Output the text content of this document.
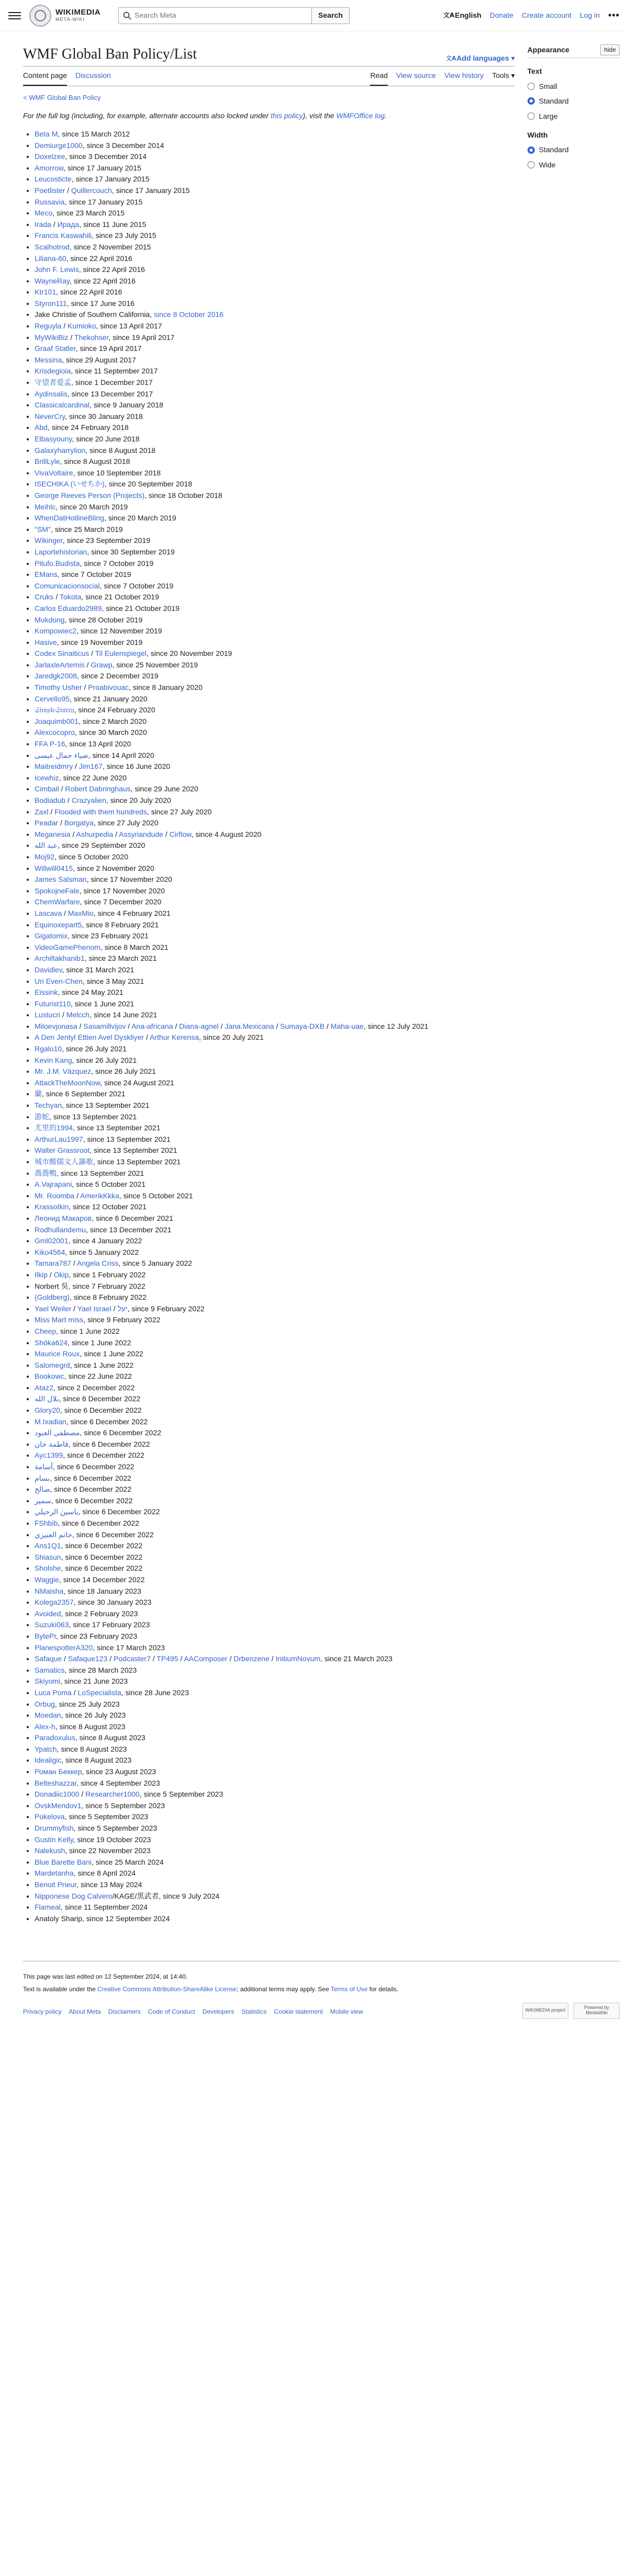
WIKIMEDIA
META-WIKI	Search Meta	Search	文A English Donate Create account Log in •••
WMF Global Ban Policy/List	文A Add languages ▾
Content page Discussion	Read View source View history Tools ▾
< WMF Global Ban Policy

For the full log (including, for example, alternate accounts also locked under this policy), visit the WMFOffice log.

• Beta M, since 15 March 2012
• Demiurge1000, since 3 December 2014
• Doxelzee, since 3 December 2014
• Amorrow, since 17 January 2015
• Leucosticte, since 17 January 2015
• Poetlister / Quillercouch, since 17 January 2015
• Russavia, since 17 January 2015
• Meco, since 23 March 2015
• Irada / Ирада, since 11 June 2015
• Francis Kaswahili, since 23 July 2015
• Scalhotrod, since 2 November 2015
• Liliana-60, since 22 April 2016
• John F. Lewis, since 22 April 2016
• WayneRay, since 22 April 2016
• Ktr101, since 22 April 2016
• Styron111, since 17 June 2016
• Jake Christie of Southern California, since 8 October 2016
• Reguyla / Kumioko, since 13 April 2017
• MyWikiBiz / Thekohser, since 19 April 2017
• Graaf Statler, since 19 April 2017
• Messina, since 29 August 2017
• Krisdegioia, since 11 September 2017
• 守望者爱孟, since 1 December 2017
• Aydinsalis, since 13 December 2017
• Classicalcardinal, since 9 January 2018
• NeverCry, since 30 January 2018
• Abd, since 24 February 2018
• Elbasyouny, since 20 June 2018
• Galaxyharrylion, since 8 August 2018
• BrillLyle, since 8 August 2018
• VivaVoltaire, since 10 September 2018
• ISECHIKA (いせちか), since 20 September 2018
• George Reeves Person (Projects), since 18 October 2018
• Meihlc, since 20 March 2019
• WhenDatHotlineBling, since 20 March 2019
• "SM", since 25 March 2019
• Wikinger, since 23 September 2019
• Laportehistorian, since 30 September 2019
• Pitufo.Budista, since 7 October 2019
• EMans, since 7 October 2019
• Comunicacionsocial, since 7 October 2019
• Cruks / Tokota, since 21 October 2019
• Carlos Eduardo2989, since 21 October 2019
• Mukdong, since 28 October 2019
• Kompowiec2, since 12 November 2019
• Hasive, since 19 November 2019
• Codex Sinaiticus / Til Eulenspiegel, since 20 November 2019
• JarlaxleArtemis / Grawp, since 25 November 2019
• Jaredgk2008, since 2 December 2019
• Timothy Usher / Proabivouac, since 8 January 2020
• Cervello95, since 21 January 2020
• 𝔖𝔦𝔪𝔭𝔩𝔢𝔖𝔱𝔞𝔯𝔯𝔶, since 24 February 2020
• Joaquimb001, since 2 March 2020
• Alexcocopro, since 30 March 2020
• FFA P-16, since 13 April 2020
• ضياء جمال عيسى, since 14 April 2020
• Maitreidmry / Jim167, since 16 June 2020
• Icewhiz, since 22 June 2020
• Cimbail / Robert Dabringhaus, since 29 June 2020
• Bodiadub / Crazyalien, since 20 July 2020
• Zaxl / Flooded with them hundreds, since 27 July 2020
• Peadar / Borgatya, since 27 July 2020
• Meganesia / Ashurpedia / Assyriandude / Cirflow, since 4 August 2020
• عبد الله, since 29 September 2020
• Moj92, since 5 October 2020
• Willwill0415, since 2 November 2020
• James Salsman, since 17 November 2020
• SpokojneFale, since 17 November 2020
• ChemWarfare, since 7 December 2020
• Lascava / MaxMio, since 4 February 2021
• Equinoxepart5, since 8 February 2021
• Gigatomix, since 23 February 2021
• VideoGamePhenom, since 8 March 2021
• Archiltakhanib1, since 23 March 2021
• Davidlev, since 31 March 2021
• Uri Even-Chen, since 3 May 2021
• Eissink, since 24 May 2021
• Futurist110, since 1 June 2021
• Lustucri / Melcch, since 14 June 2021
• Miloevjonasa / Sasamillvijov / Ana-africana / Diana-agnel / Jana.Mexicana / Sumaya-DXB / Maha-uae, since 12 July 2021
• A Den Jentyl Ettien Avel Dyskliyer / Arthur Kerensa, since 20 July 2021
• Rgalo10, since 26 July 2021
• Kevin Kang, since 26 July 2021
• Mr. J.M. Vázquez, since 26 July 2021
• AttackTheMoonNow, since 24 August 2021
• 蘭, since 6 September 2021
• Techyan, since 13 September 2021
• 游蛇, since 13 September 2021
• 尤里的1994, since 13 September 2021
• ArthurLau1997, since 13 September 2021
• Walter Grassroot, since 13 September 2021
• 城市酸儒文人謳歌, since 13 September 2021
• 喬喬鴨, since 13 September 2021
• A.Vajrapani, since 5 October 2021
• Mr. Roomba / AmerikKkka, since 5 October 2021
• Krassotkin, since 12 October 2021
• Леонид Макаров, since 6 December 2021
• Rodhullandemu, since 13 December 2021
• Gml02001, since 4 January 2022
• Kiko4564, since 5 January 2022
• Tamara787 / Angela Criss, since 5 January 2022
• Ilkip / Okip, since 1 February 2022
• Norbert 吳, since 7 February 2022
• (Goldberg), since 8 February 2022
• Yael Weiler / Yael Israel / יעל, since 9 February 2022
• Miss Mart miss, since 9 February 2022
• Cheep, since 1 June 2022
• Shōka624, since 1 June 2022
• Maurice Roux, since 1 June 2022
• Salomegrd, since 1 June 2022
• Bookowc, since 22 June 2022
• Ataz2, since 2 December 2022
• بلال الله, since 6 December 2022
• Glory20, since 6 December 2022
• M.Ixadian, since 6 December 2022
• مصطفى العبود, since 6 December 2022
• فاطمة خان, since 6 December 2022
• Ayc1399, since 6 December 2022
• أسامة, since 6 December 2022
• بسام, since 6 December 2022
• صالح, since 6 December 2022
• سمير, since 6 December 2022
• ياسين الرحيلي, since 6 December 2022
• FShbib, since 6 December 2022
• حاتم العنيزي, since 6 December 2022
• Ans1Q1, since 6 December 2022
• Shiasun, since 6 December 2022
• Sholshe, since 6 December 2022
• Waggie, since 14 December 2022
• NMaisha, since 18 January 2023
• Kolega2357, since 30 January 2023
• Avoided, since 2 February 2023
• Suzuki063, since 17 February 2023
• BytePr, since 23 February 2023
• PlanespotterA320, since 17 March 2023
• Safaque / Safaque123 / Podcaster7 / TP495 / AAComposer / Drbenzene / InitiumNovum, since 21 March 2023
• Samatics, since 28 March 2023
• Skiyomi, since 21 June 2023
• Luca Poma / LoSpecialista, since 28 June 2023
• Orbug, since 25 July 2023
• Moedan, since 26 July 2023
• Alex-h, since 8 August 2023
• Paradoxulus, since 8 August 2023
• Ypatch, since 8 August 2023
• Idealigic, since 8 August 2023
• Роман Беккер, since 23 August 2023
• Belteshazzar, since 4 September 2023
• Donadiic1000 / Researcher1000, since 5 September 2023
• OvskMendov1, since 5 September 2023
• Pokelova, since 5 September 2023
• Drummyfish, since 5 September 2023
• Gustin Kelly, since 19 October 2023
• Nalekush, since 22 November 2023
• Blue Barette Bani, since 25 March 2024
• Mardetanha, since 8 April 2024
• Benoit Prieur, since 13 May 2024
• Nipponese Dog Calvero/KAGE/黑武者, since 9 July 2024
• Flameal, since 11 September 2024
• Anatoly Sharip, since 12 September 2024
Appearance	hide
Text
Small
Standard
Large
Width
Standard
Wide

This page was last edited on 12 September 2024, at 14:40.

Text is available under the Creative Commons Attribution-ShareAlike License; additional terms may apply. See Terms of Use for details.

Privacy policy About Meta Disclaimers Code of Conduct Developers Statistics Cookie statement Mobile view	WIKIMEDIA project	Powered by MediaWiki
